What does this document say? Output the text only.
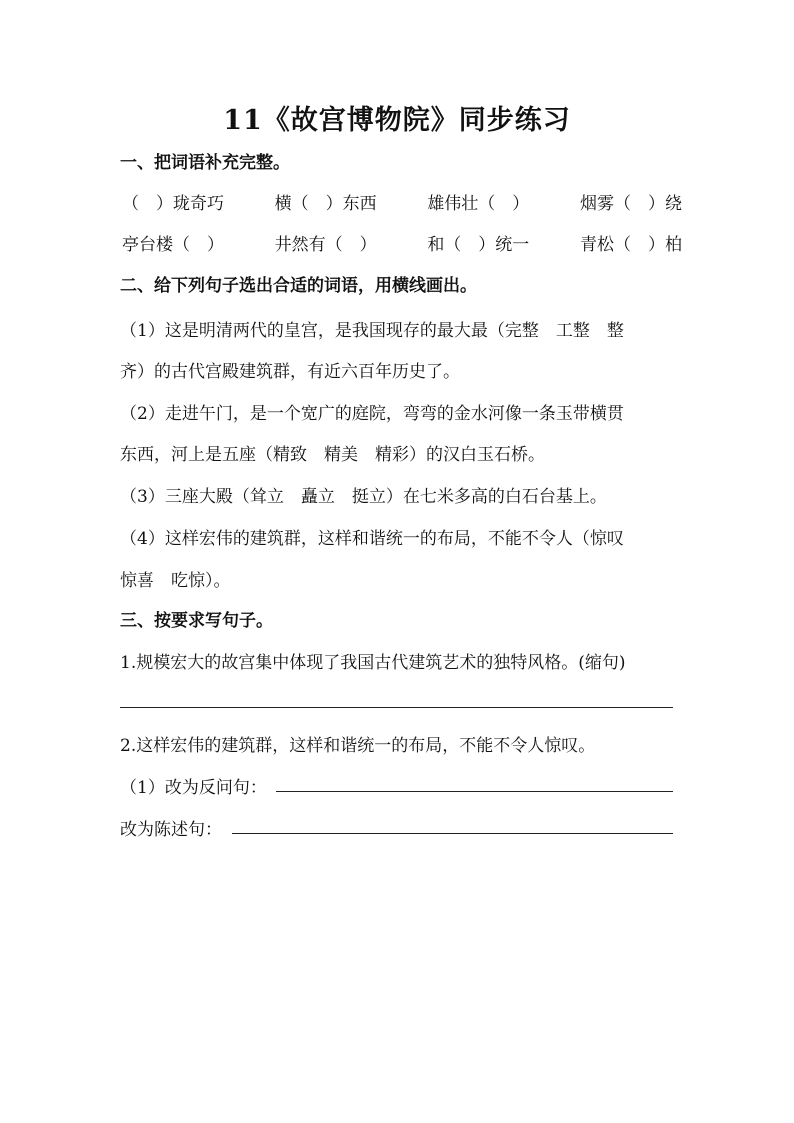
11《故宫博物院》同步练习
一、把词语补充完整。
（　）珑奇巧	横（　）东西	雄伟壮（　）	烟雾（　）绕
亭台楼（　）	井然有（　）	和（　）统一	青松（　）柏
二、给下列句子选出合适的词语，用横线画出。
（1）这是明清两代的皇宫，是我国现存的最大最（完整　工整　整
齐）的古代宫殿建筑群，有近六百年历史了。
（2）走进午门，是一个宽广的庭院，弯弯的金水河像一条玉带横贯
东西，河上是五座（精致　精美　精彩）的汉白玉石桥。
（3）三座大殿（耸立　矗立　挺立）在七米多高的白石台基上。
（4）这样宏伟的建筑群，这样和谐统一的布局，不能不令人（惊叹
惊喜　吃惊）。
三、按要求写句子。
1.规模宏大的故宫集中体现了我国古代建筑艺术的独特风格。(缩句)
2.这样宏伟的建筑群，这样和谐统一的布局，不能不令人惊叹。
（1）改为反问句：
改为陈述句：
